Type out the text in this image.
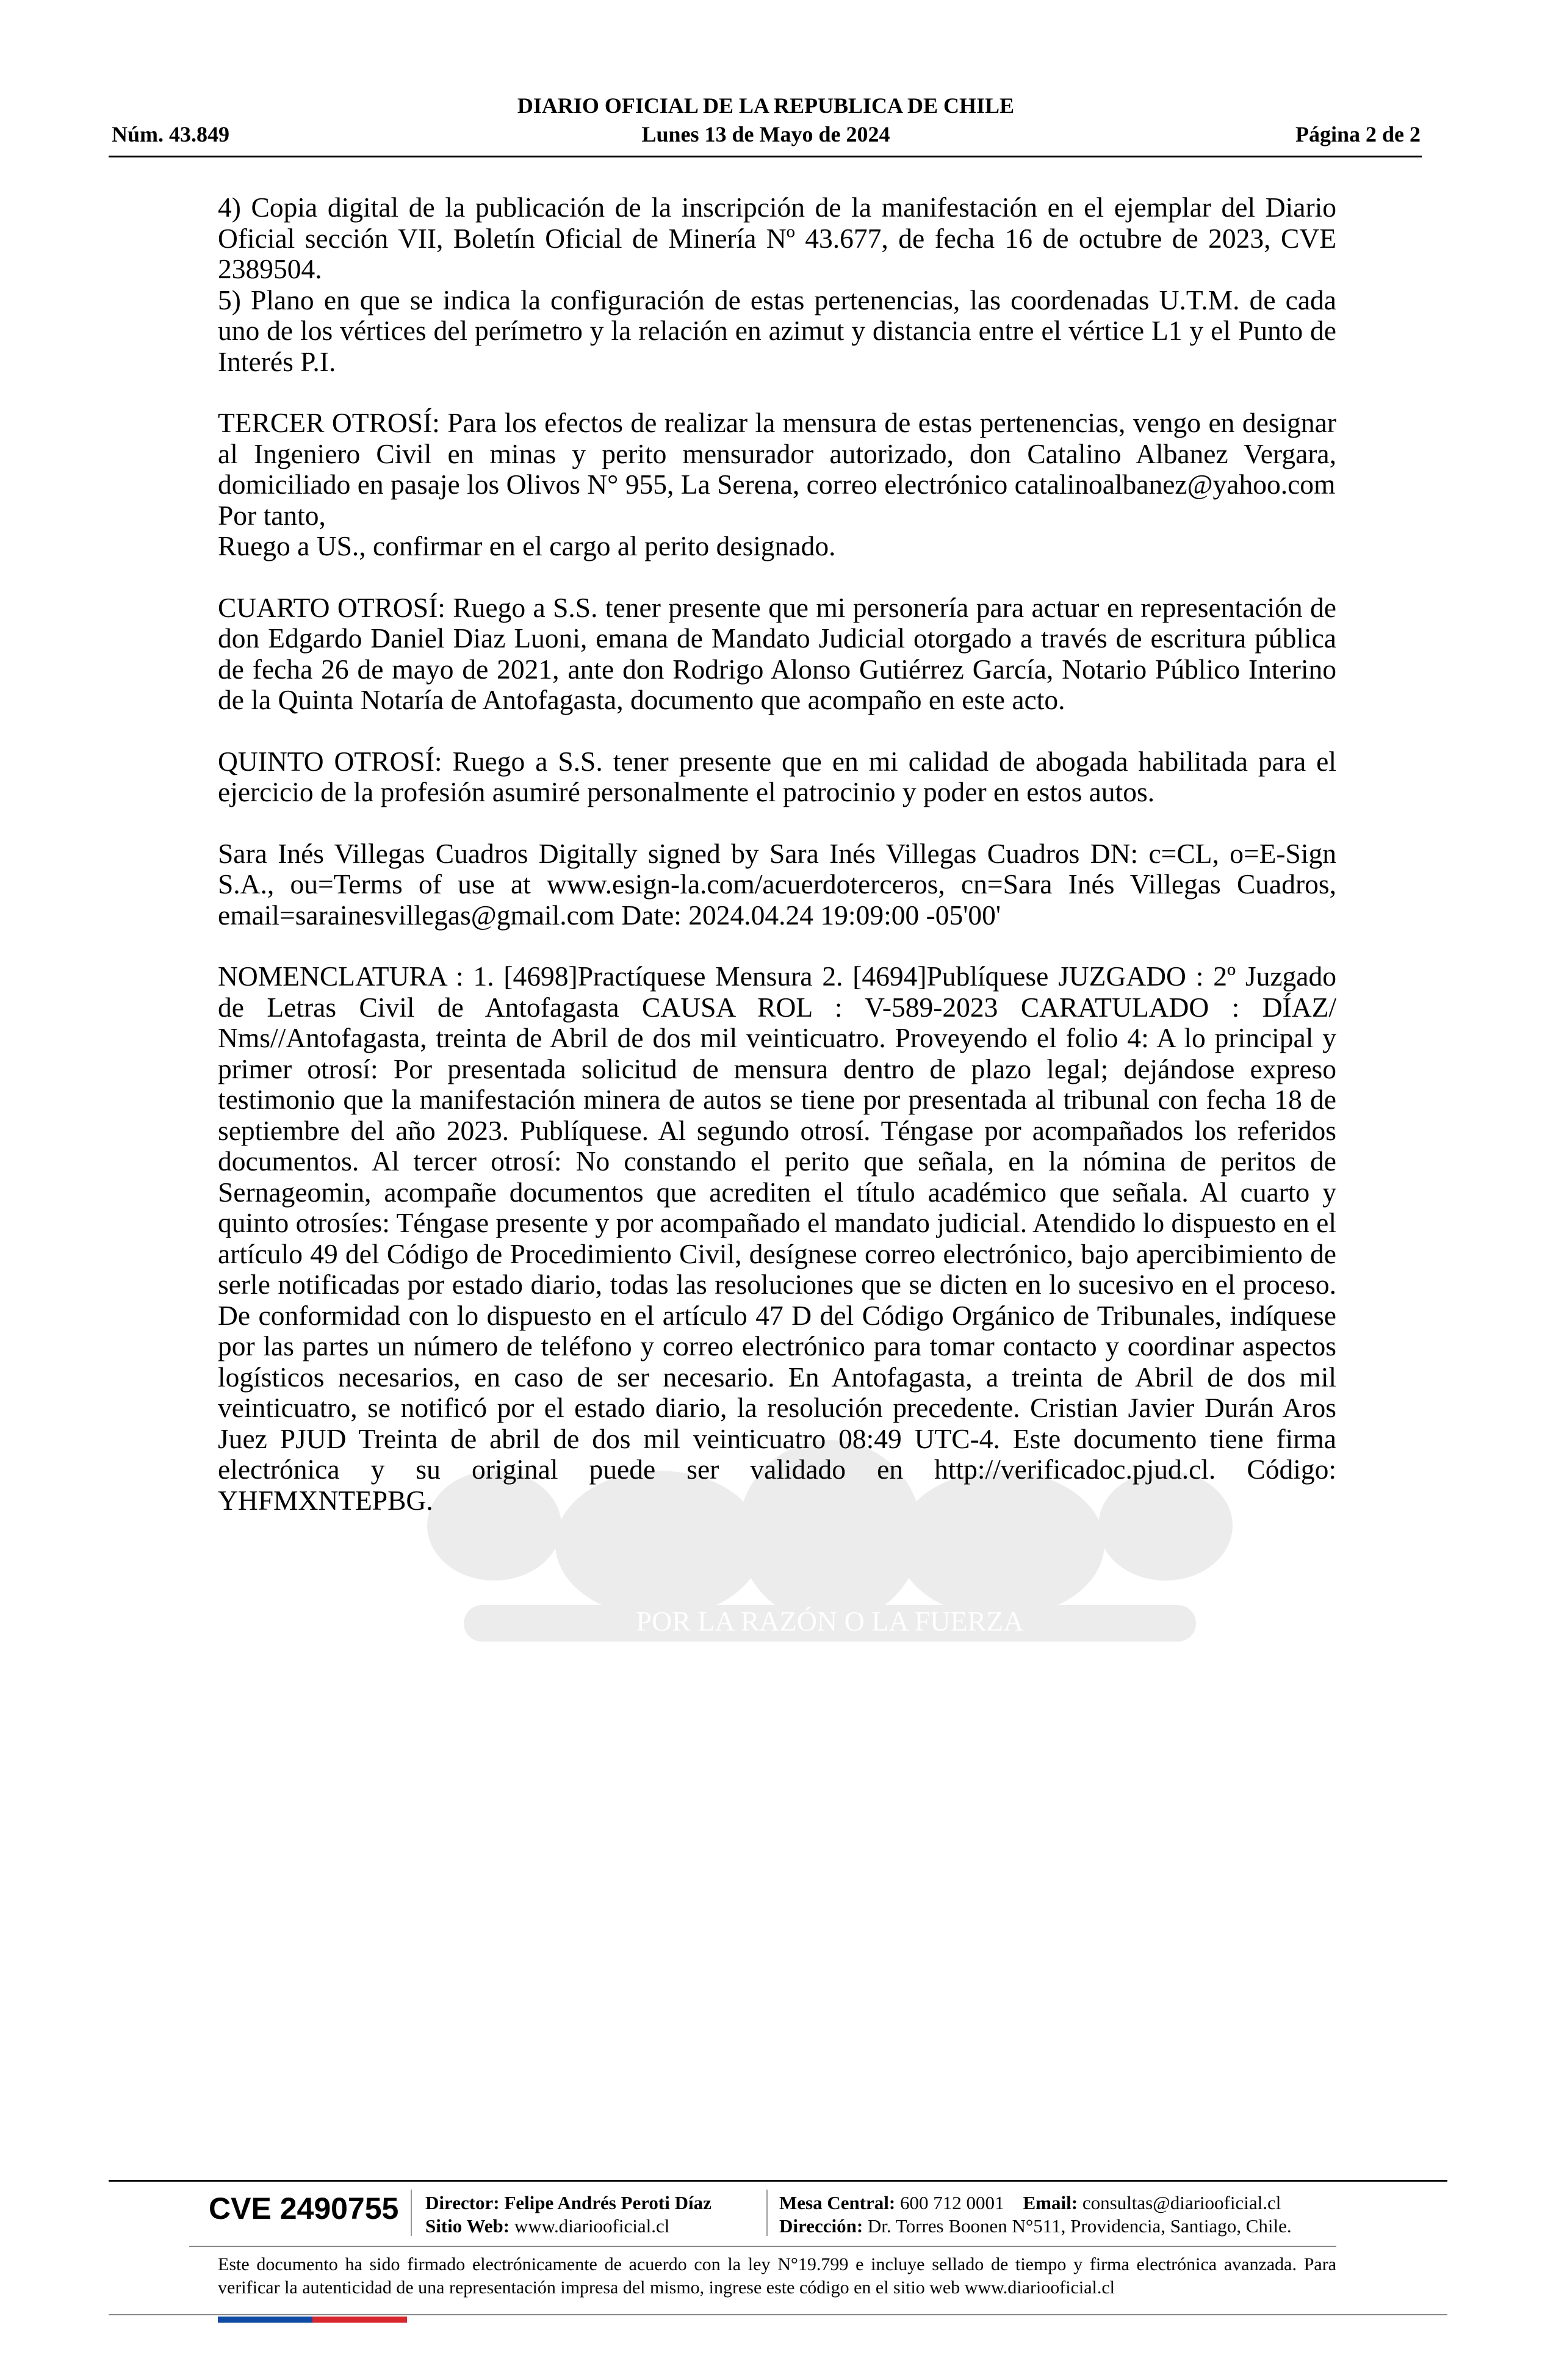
DIARIO OFICIAL DE LA REPUBLICA DE CHILE
Núm. 43.849	Lunes 13 de Mayo de 2024	Página 2 de 2
POR LA RAZÓN O LA FUERZA

4) Copia digital de la publicación de la inscripción de la manifestación en el ejemplar del Diario Oficial sección VII, Boletín Oficial de Minería Nº 43.677, de fecha 16 de octubre de 2023, CVE 2389504.

5) Plano en que se indica la configuración de estas pertenencias, las coordenadas U.T.M. de cada uno de los vértices del perímetro y la relación en azimut y distancia entre el vértice L1 y el Punto de Interés P.I.

TERCER OTROSÍ: Para los efectos de realizar la mensura de estas pertenencias, vengo en designar al Ingeniero Civil en minas y perito mensurador autorizado, don Catalino Albanez Vergara, domiciliado en pasaje los Olivos N° 955, La Serena, correo electrónico catalinoalbanez@yahoo.com

Por tanto,

Ruego a US., confirmar en el cargo al perito designado.

CUARTO OTROSÍ: Ruego a S.S. tener presente que mi personería para actuar en representación de don Edgardo Daniel Diaz Luoni, emana de Mandato Judicial otorgado a través de escritura pública de fecha 26 de mayo de 2021, ante don Rodrigo Alonso Gutiérrez García, Notario Público Interino de la Quinta Notaría de Antofagasta, documento que acompaño en este acto.

QUINTO OTROSÍ: Ruego a S.S. tener presente que en mi calidad de abogada habilitada para el ejercicio de la profesión asumiré personalmente el patrocinio y poder en estos autos.

Sara Inés Villegas Cuadros Digitally signed by Sara Inés Villegas Cuadros DN: c=CL, o=E-Sign S.A., ou=Terms of use at www.esign-la.com/acuerdoterceros, cn=Sara Inés Villegas Cuadros, email=sarainesvillegas@gmail.com Date: 2024.04.24 19:09:00 -05'00'

NOMENCLATURA : 1. [4698]Practíquese Mensura 2. [4694]Publíquese JUZGADO : 2º Juzgado de Letras Civil de Antofagasta CAUSA ROL : V-589-2023 CARATULADO : DÍAZ/ Nms//Antofagasta, treinta de Abril de dos mil veinticuatro. Proveyendo el folio 4: A lo principal y primer otrosí: Por presentada solicitud de mensura dentro de plazo legal; dejándose expreso testimonio que la manifestación minera de autos se tiene por presentada al tribunal con fecha 18 de septiembre del año 2023. Publíquese. Al segundo otrosí. Téngase por acompañados los referidos documentos. Al tercer otrosí: No constando el perito que señala, en la nómina de peritos de Sernageomin, acompañe documentos que acrediten el título académico que señala. Al cuarto y quinto otrosíes: Téngase presente y por acompañado el mandato judicial. Atendido lo dispuesto en el artículo 49 del Código de Procedimiento Civil, desígnese correo electrónico, bajo apercibimiento de serle notificadas por estado diario, todas las resoluciones que se dicten en lo sucesivo en el proceso. De conformidad con lo dispuesto en el artículo 47 D del Código Orgánico de Tribunales, indíquese por las partes un número de teléfono y correo electrónico para tomar contacto y coordinar aspectos logísticos necesarios, en caso de ser necesario. En Antofagasta, a treinta de Abril de dos mil veinticuatro, se notificó por el estado diario, la resolución precedente. Cristian Javier Durán Aros Juez PJUD Treinta de abril de dos mil veinticuatro 08:49 UTC-4. Este documento tiene firma electrónica y su original puede ser validado en http://verificadoc.pjud.cl. Código: YHFMXNTEPBG.

CVE 2490755 Director: Felipe Andrés Peroti Díaz
Sitio Web: www.diariooficial.cl
Mesa Central: 600 712 0001 Email: consultas@diariooficial.cl
Dirección: Dr. Torres Boonen N°511, Providencia, Santiago, Chile.
Este documento ha sido firmado electrónicamente de acuerdo con la ley N°19.799 e incluye sellado de tiempo y firma electrónica avanzada. Para verificar la autenticidad de una representación impresa del mismo, ingrese este código en el sitio web www.diariooficial.cl
